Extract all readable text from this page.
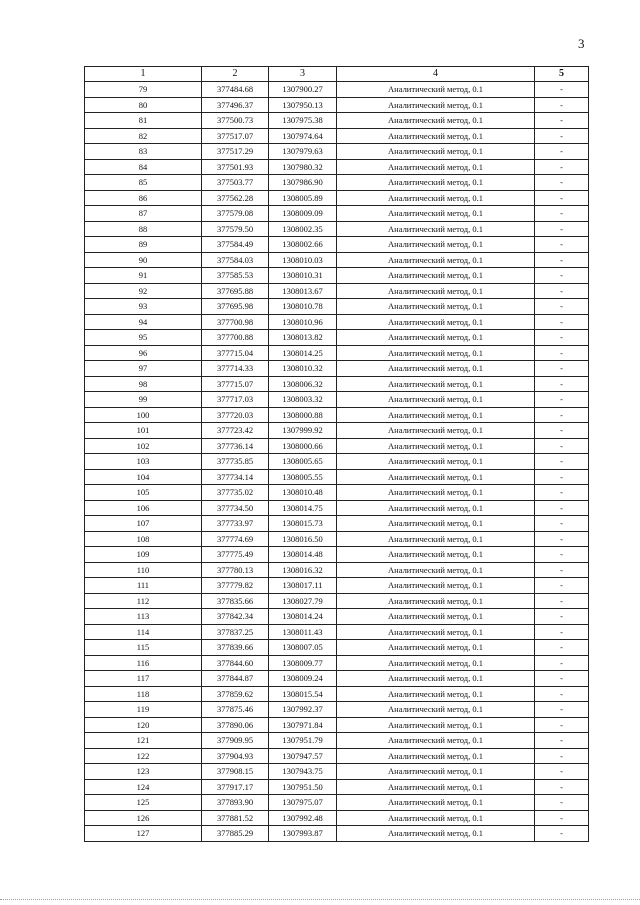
3
1	2	3	4	5
79	377484.68	1307900.27	Аналитический метод, 0.1	-
80	377496.37	1307950.13	Аналитический метод, 0.1	-
81	377500.73	1307975.38	Аналитический метод, 0.1	-
82	377517.07	1307974.64	Аналитический метод, 0.1	-
83	377517.29	1307979.63	Аналитический метод, 0.1	-
84	377501.93	1307980.32	Аналитический метод, 0.1	-
85	377503.77	1307986.90	Аналитический метод, 0.1	-
86	377562.28	1308005.89	Аналитический метод, 0.1	-
87	377579.08	1308009.09	Аналитический метод, 0.1	-
88	377579.50	1308002.35	Аналитический метод, 0.1	-
89	377584.49	1308002.66	Аналитический метод, 0.1	-
90	377584.03	1308010.03	Аналитический метод, 0.1	-
91	377585.53	1308010.31	Аналитический метод, 0.1	-
92	377695.88	1308013.67	Аналитический метод, 0.1	-
93	377695.98	1308010.78	Аналитический метод, 0.1	-
94	377700.98	1308010.96	Аналитический метод, 0.1	-
95	377700.88	1308013.82	Аналитический метод, 0.1	-
96	377715.04	1308014.25	Аналитический метод, 0.1	-
97	377714.33	1308010.32	Аналитический метод, 0.1	-
98	377715.07	1308006.32	Аналитический метод, 0.1	-
99	377717.03	1308003.32	Аналитический метод, 0.1	-
100	377720.03	1308000.88	Аналитический метод, 0.1	-
101	377723.42	1307999.92	Аналитический метод, 0.1	-
102	377736.14	1308000.66	Аналитический метод, 0.1	-
103	377735.85	1308005.65	Аналитический метод, 0.1	-
104	377734.14	1308005.55	Аналитический метод, 0.1	-
105	377735.02	1308010.48	Аналитический метод, 0.1	-
106	377734.50	1308014.75	Аналитический метод, 0.1	-
107	377733.97	1308015.73	Аналитический метод, 0.1	-
108	377774.69	1308016.50	Аналитический метод, 0.1	-
109	377775.49	1308014.48	Аналитический метод, 0.1	-
110	377780.13	1308016.32	Аналитический метод, 0.1	-
111	377779.82	1308017.11	Аналитический метод, 0.1	-
112	377835.66	1308027.79	Аналитический метод, 0.1	-
113	377842.34	1308014.24	Аналитический метод, 0.1	-
114	377837.25	1308011.43	Аналитический метод, 0.1	-
115	377839.66	1308007.05	Аналитический метод, 0.1	-
116	377844.60	1308009.77	Аналитический метод, 0.1	-
117	377844.87	1308009.24	Аналитический метод, 0.1	-
118	377859.62	1308015.54	Аналитический метод, 0.1	-
119	377875.46	1307992.37	Аналитический метод, 0.1	-
120	377890.06	1307971.84	Аналитический метод, 0.1	-
121	377909.95	1307951.79	Аналитический метод, 0.1	-
122	377904.93	1307947.57	Аналитический метод, 0.1	-
123	377908.15	1307943.75	Аналитический метод, 0.1	-
124	377917.17	1307951.50	Аналитический метод, 0.1	-
125	377893.90	1307975.07	Аналитический метод, 0.1	-
126	377881.52	1307992.48	Аналитический метод, 0.1	-
127	377885.29	1307993.87	Аналитический метод, 0.1	-
